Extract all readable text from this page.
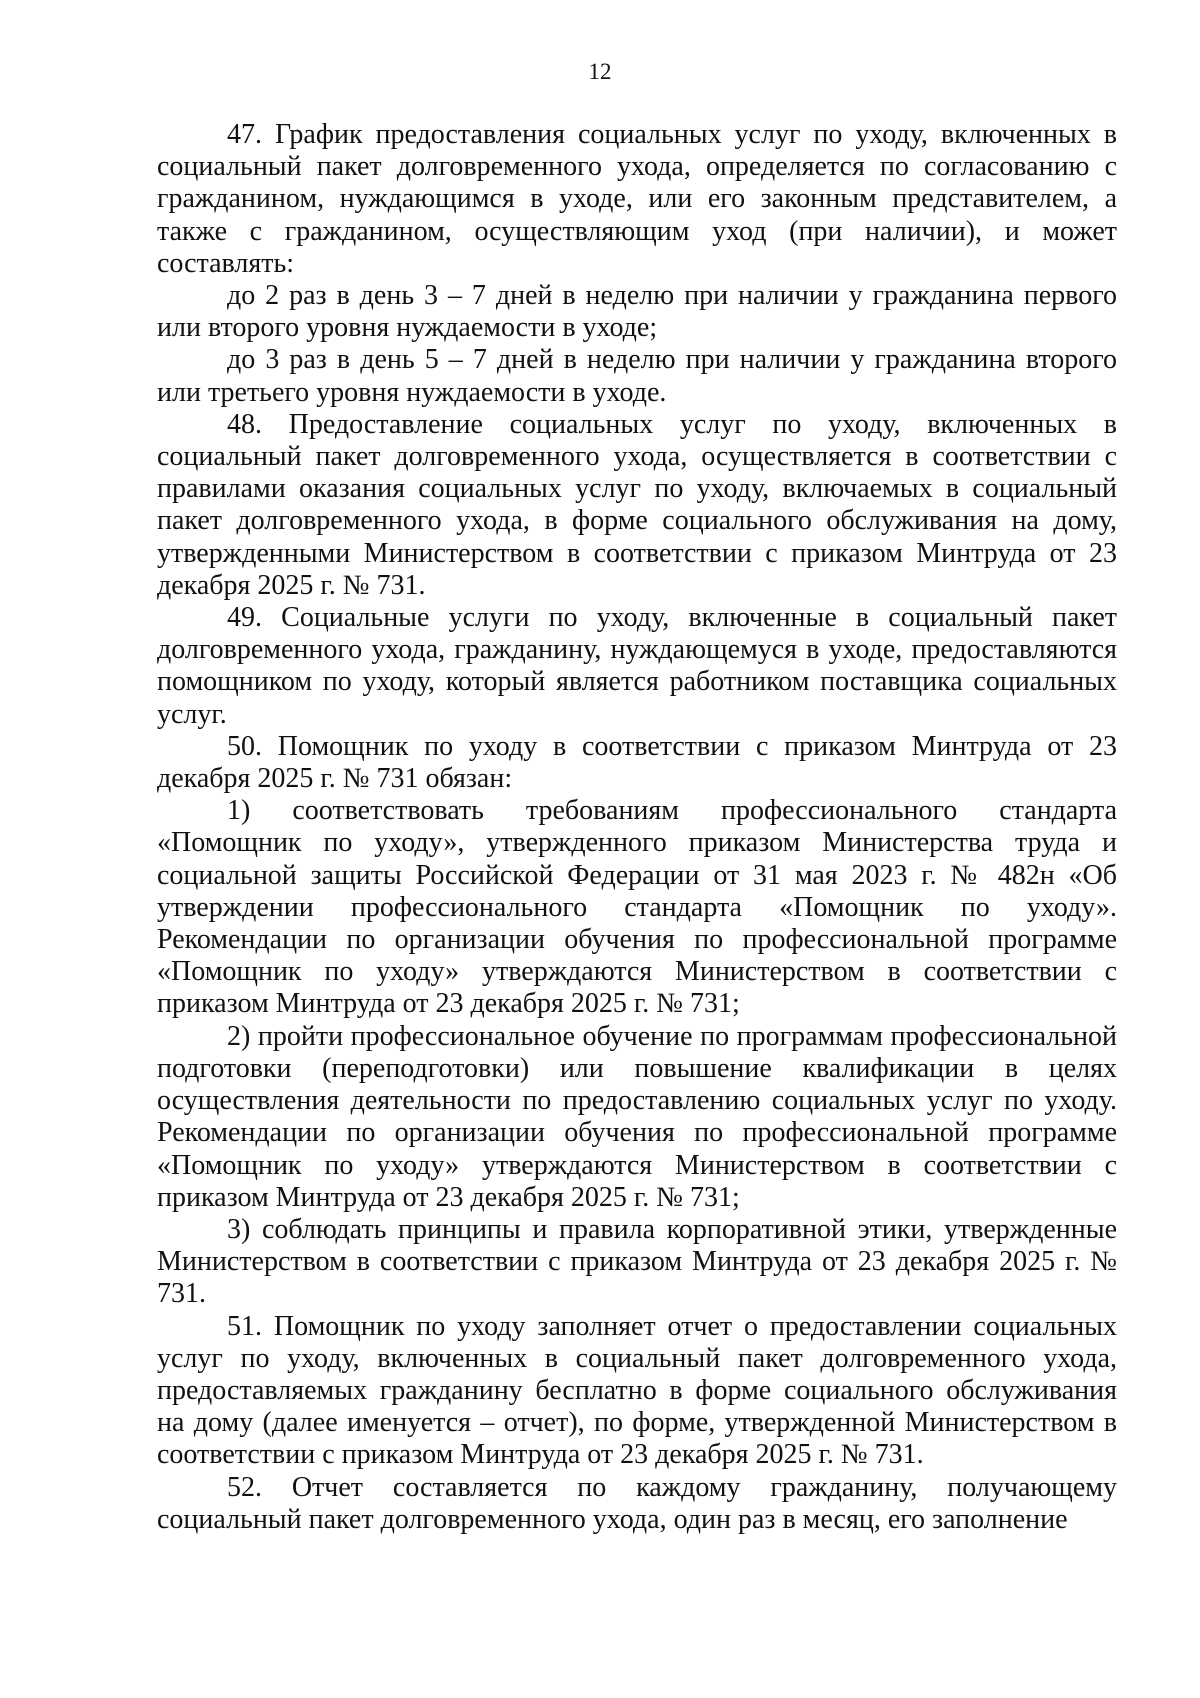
12

47. График предоставления социальных услуг по уходу, включенных в социальный пакет долговременного ухода, определяется по согласованию с гражданином, нуждающимся в уходе, или его законным представителем, а также с гражданином, осуществляющим уход (при наличии), и может составлять:

до 2 раз в день 3 – 7 дней в неделю при наличии у гражданина первого или второго уровня нуждаемости в уходе;

до 3 раз в день 5 – 7 дней в неделю при наличии у гражданина второго или третьего уровня нуждаемости в уходе.

48. Предоставление социальных услуг по уходу, включенных в социальный пакет долговременного ухода, осуществляется в соответствии с правилами оказания социальных услуг по уходу, включаемых в социальный пакет долговременного ухода, в форме социального обслуживания на дому, утвержденными Министерством в соответствии с приказом Минтруда от 23 декабря 2025 г. № 731.

49. Социальные услуги по уходу, включенные в социальный пакет долговременного ухода, гражданину, нуждающемуся в уходе, предоставляются помощником по уходу, который является работником поставщика социальных услуг.

50. Помощник по уходу в соответствии с приказом Минтруда от 23 декабря 2025 г. № 731 обязан:

1) соответствовать требованиям профессионального стандарта «Помощник по уходу», утвержденного приказом Министерства труда и социальной защиты Российской Федерации от 31 мая 2023 г. № 482н «Об утверждении профессионального стандарта «Помощник по уходу». Рекомендации по организации обучения по профессиональной программе «Помощник по уходу» утверждаются Министерством в соответствии с приказом Минтруда от 23 декабря 2025 г. № 731;

2) пройти профессиональное обучение по программам профессиональной подготовки (переподготовки) или повышение квалификации в целях осуществления деятельности по предоставлению социальных услуг по уходу. Рекомендации по организации обучения по профессиональной программе «Помощник по уходу» утверждаются Министерством в соответствии с приказом Минтруда от 23 декабря 2025 г. № 731;

3) соблюдать принципы и правила корпоративной этики, утвержденные Министерством в соответствии с приказом Минтруда от 23 декабря 2025 г. № 731.

51. Помощник по уходу заполняет отчет о предоставлении социальных услуг по уходу, включенных в социальный пакет долговременного ухода, предоставляемых гражданину бесплатно в форме социального обслуживания на дому (далее именуется – отчет), по форме, утвержденной Министерством в соответствии с приказом Минтруда от 23 декабря 2025 г. № 731.

52. Отчет составляется по каждому гражданину, получающему социальный пакет долговременного ухода, один раз в месяц, его заполнение
